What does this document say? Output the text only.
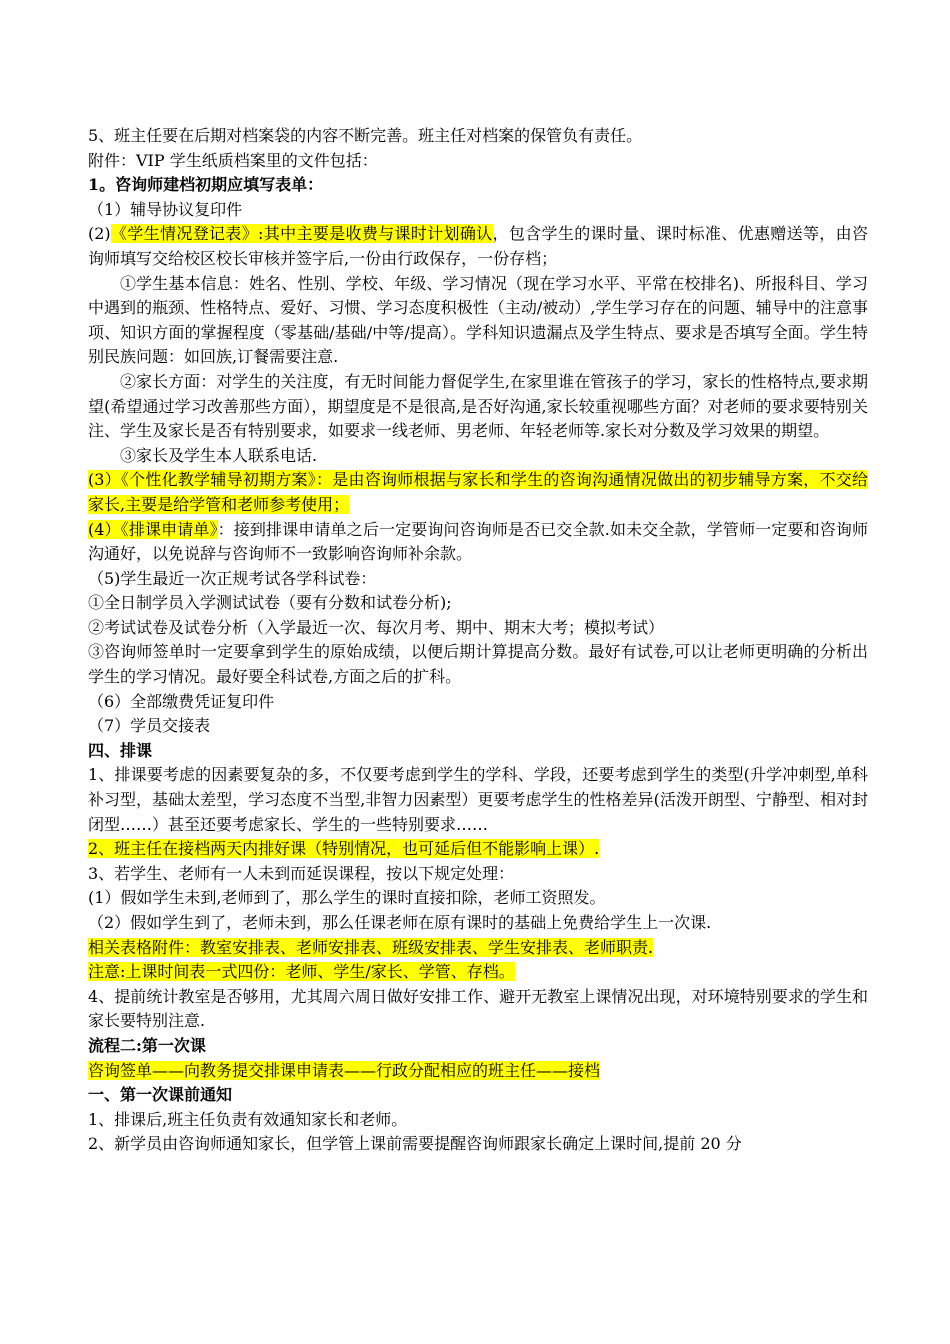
5、班主任要在后期对档案袋的内容不断完善。班主任对档案的保管负有责任。
附件：VIP 学生纸质档案里的文件包括：
1。咨询师建档初期应填写表单：
（1）辅导协议复印件
(2)《学生情况登记表》:其中主要是收费与课时计划确认，包含学生的课时量、课时标准、优惠赠送等，由咨询师填写交给校区校长审核并签字后,一份由行政保存，一份存档；
①学生基本信息：姓名、性别、学校、年级、学习情况（现在学习水平、平常在校排名)、所报科目、学习中遇到的瓶颈、性格特点、爱好、习惯、学习态度积极性（主动/被动）,学生学习存在的问题、辅导中的注意事项、知识方面的掌握程度（零基础/基础/中等/提高）。学科知识遗漏点及学生特点、要求是否填写全面。学生特别民族问题：如回族,订餐需要注意.
②家长方面：对学生的关注度，有无时间能力督促学生,在家里谁在管孩子的学习，家长的性格特点,要求期望(希望通过学习改善那些方面），期望度是不是很高,是否好沟通,家长较重视哪些方面？对老师的要求要特别关注、学生及家长是否有特别要求，如要求一线老师、男老师、年轻老师等.家长对分数及学习效果的期望。
③家长及学生本人联系电话.
(3）《个性化教学辅导初期方案》：是由咨询师根据与家长和学生的咨询沟通情况做出的初步辅导方案，不交给家长,主要是给学管和老师参考使用；
(4）《排课申请单》：接到排课申请单之后一定要询问咨询师是否已交全款.如未交全款，学管师一定要和咨询师沟通好，以免说辞与咨询师不一致影响咨询师补余款。
（5)学生最近一次正规考试各学科试卷：
①全日制学员入学测试试卷（要有分数和试卷分析);
②考试试卷及试卷分析（入学最近一次、每次月考、期中、期末大考；模拟考试）
③咨询师签单时一定要拿到学生的原始成绩，以便后期计算提高分数。最好有试卷,可以让老师更明确的分析出学生的学习情况。最好要全科试卷,方面之后的扩科。
（6）全部缴费凭证复印件
（7）学员交接表
四、排课
1、排课要考虑的因素要复杂的多，不仅要考虑到学生的学科、学段，还要考虑到学生的类型(升学冲刺型,单科补习型，基础太差型，学习态度不当型,非智力因素型）更要考虑学生的性格差异(活泼开朗型、宁静型、相对封闭型……）甚至还要考虑家长、学生的一些特别要求……
2、班主任在接档两天内排好课（特别情况，也可延后但不能影响上课）.
3、若学生、老师有一人未到而延误课程，按以下规定处理：
(1）假如学生未到,老师到了，那么学生的课时直接扣除，老师工资照发。
（2）假如学生到了，老师未到，那么任课老师在原有课时的基础上免费给学生上一次课.
相关表格附件：教室安排表、老师安排表、班级安排表、学生安排表、老师职责.
注意:上课时间表一式四份：老师、学生/家长、学管、存档。
4、提前统计教室是否够用，尤其周六周日做好安排工作、避开无教室上课情况出现，对环境特别要求的学生和家长要特别注意.
流程二:第一次课
咨询签单——向教务提交排课申请表——行政分配相应的班主任——接档
一、第一次课前通知
1、排课后,班主任负责有效通知家长和老师。
2、新学员由咨询师通知家长，但学管上课前需要提醒咨询师跟家长确定上课时间,提前 20 分
